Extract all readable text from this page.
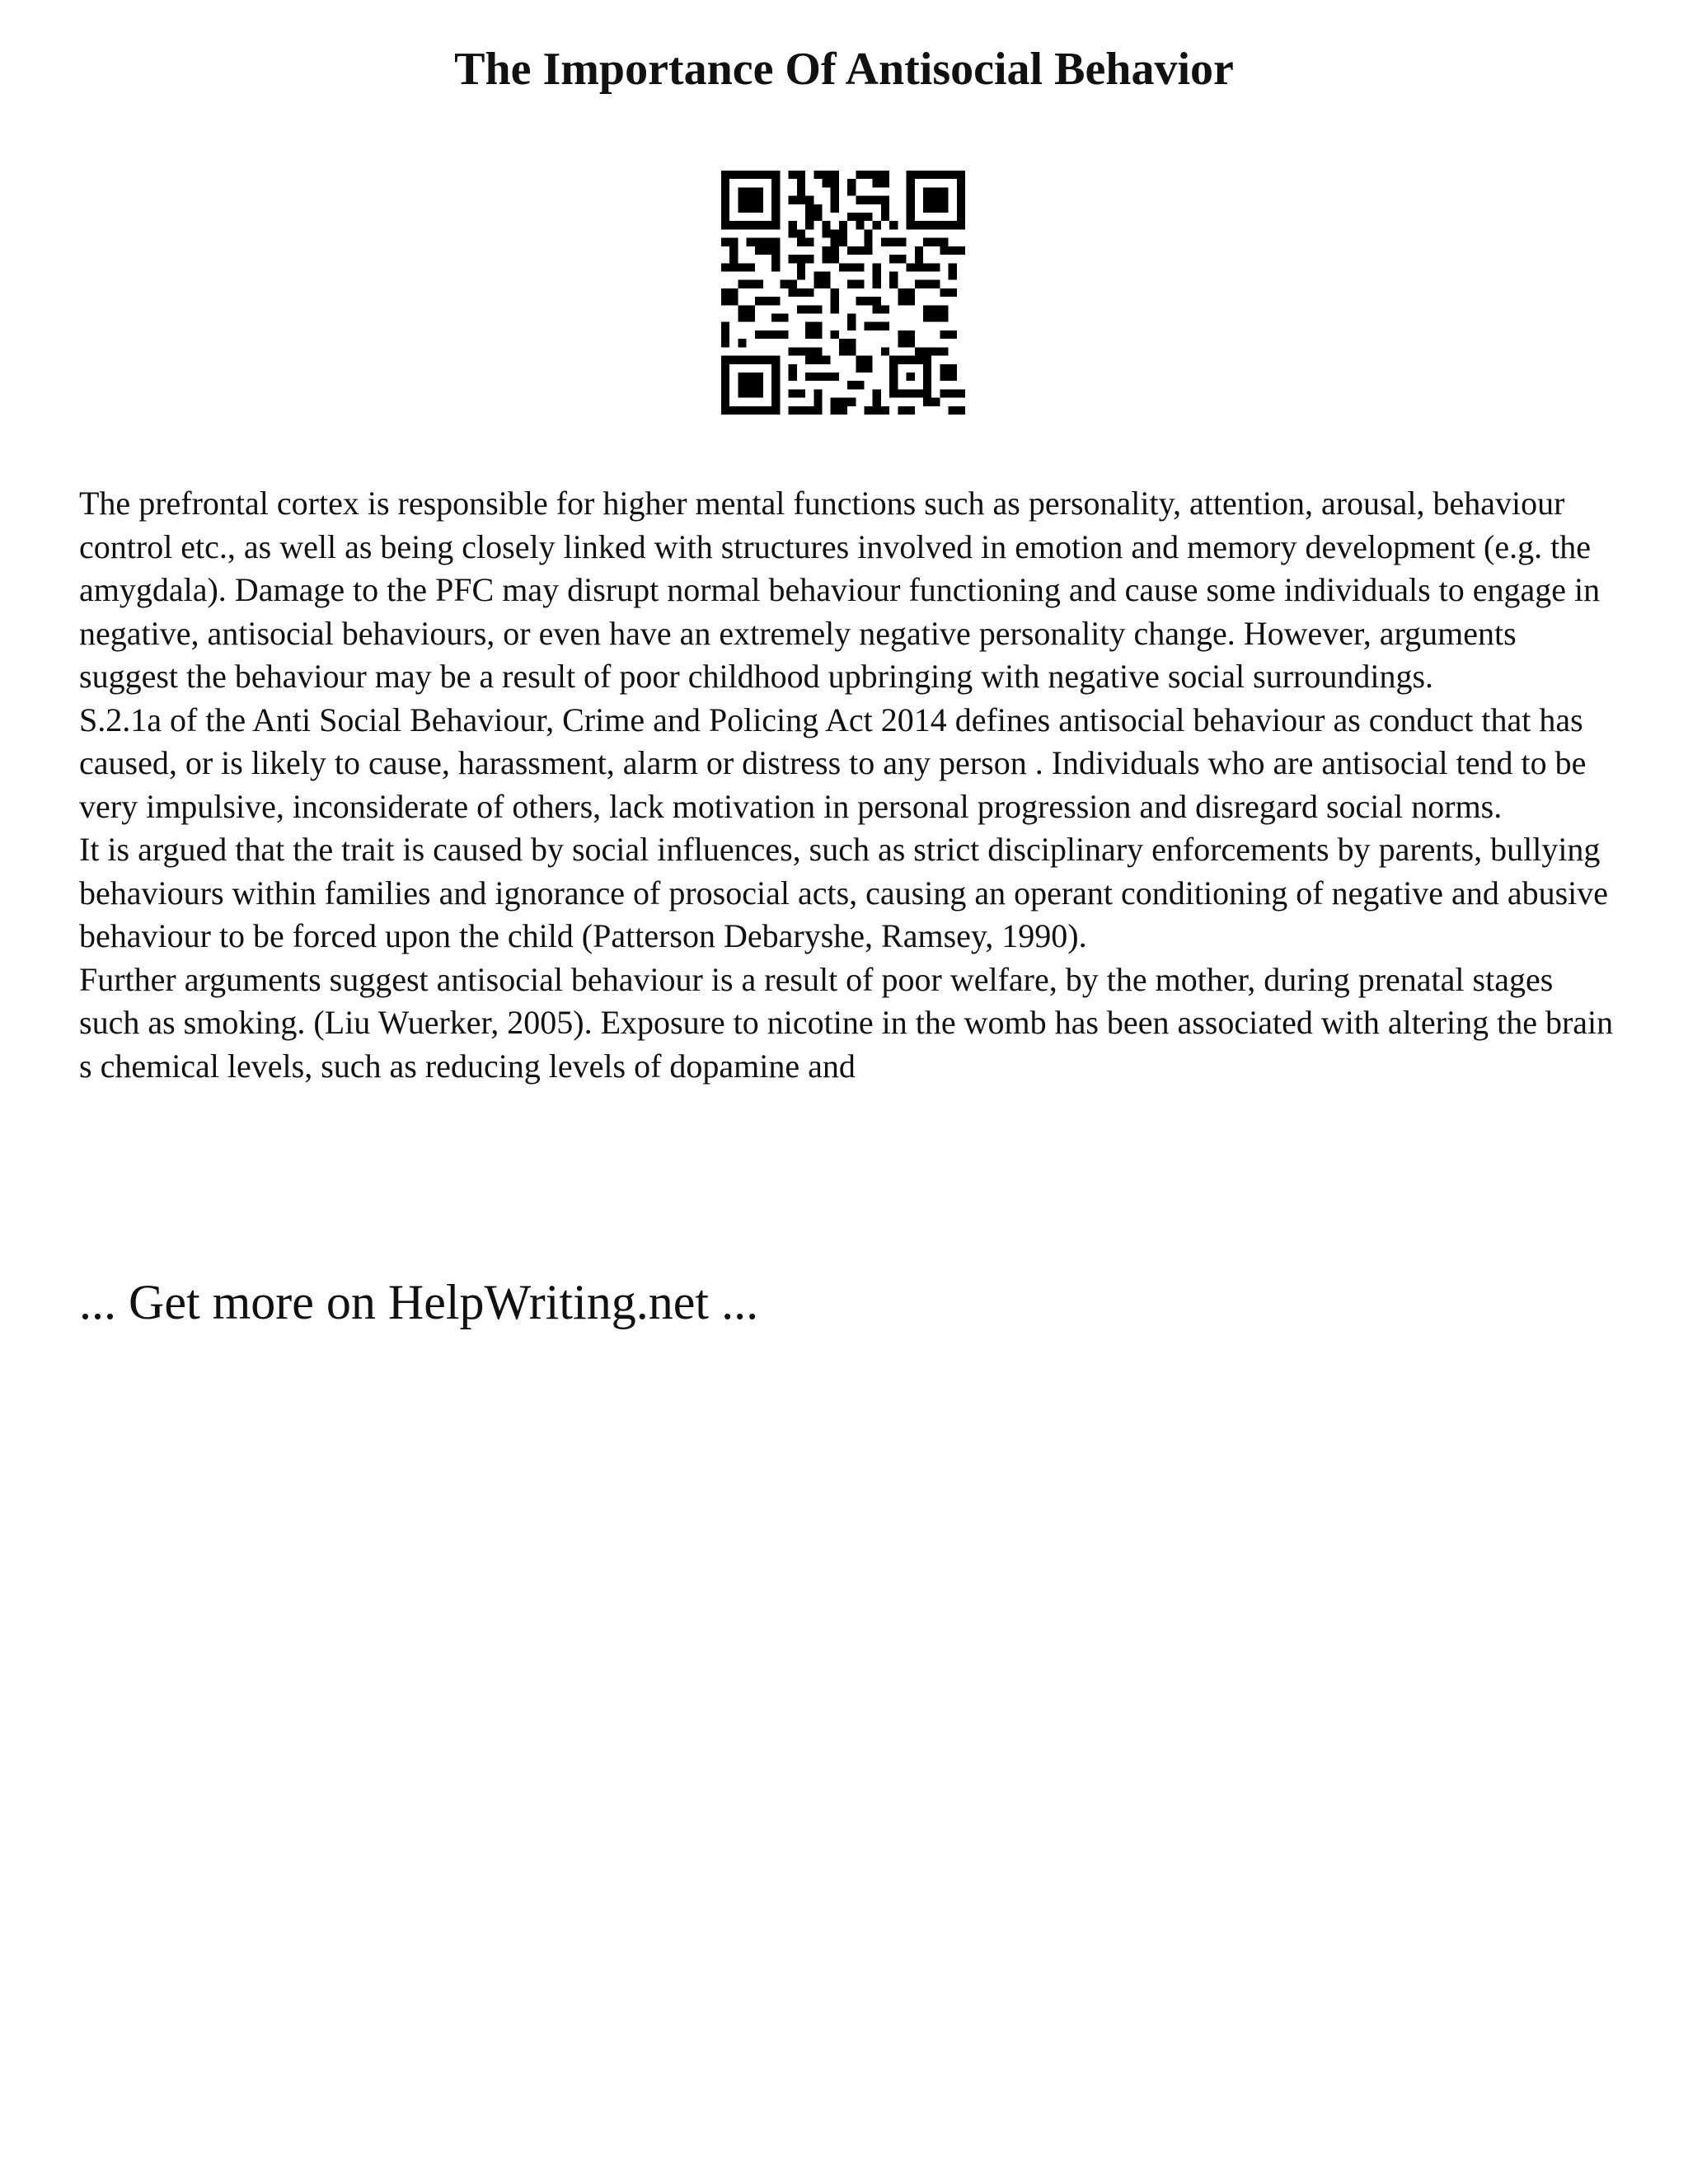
The Importance Of Antisocial Behavior

The prefrontal cortex is responsible for higher mental functions such as personality, attention, arousal, behaviour control etc., as well as being closely linked with structures involved in emotion and memory development (e.g. the amygdala). Damage to the PFC may disrupt normal behaviour functioning and cause some individuals to engage in negative, antisocial behaviours, or even have an extremely negative personality change. However, arguments suggest the behaviour may be a result of poor childhood upbringing with negative social surroundings.

S.2.1a of the Anti Social Behaviour, Crime and Policing Act 2014 defines antisocial behaviour as conduct that has caused, or is likely to cause, harassment, alarm or distress to any person . Individuals who are antisocial tend to be very impulsive, inconsiderate of others, lack motivation in personal progression and disregard social norms.

It is argued that the trait is caused by social influences, such as strict disciplinary enforcements by parents, bullying behaviours within families and ignorance of prosocial acts, causing an operant conditioning of negative and abusive behaviour to be forced upon the child (Patterson Debaryshe, Ramsey, 1990).

Further arguments suggest antisocial behaviour is a result of poor welfare, by the mother, during prenatal stages such as smoking. (Liu Wuerker, 2005). Exposure to nicotine in the womb has been associated with altering the brain s chemical levels, such as reducing levels of dopamine and

... Get more on HelpWriting.net ...
